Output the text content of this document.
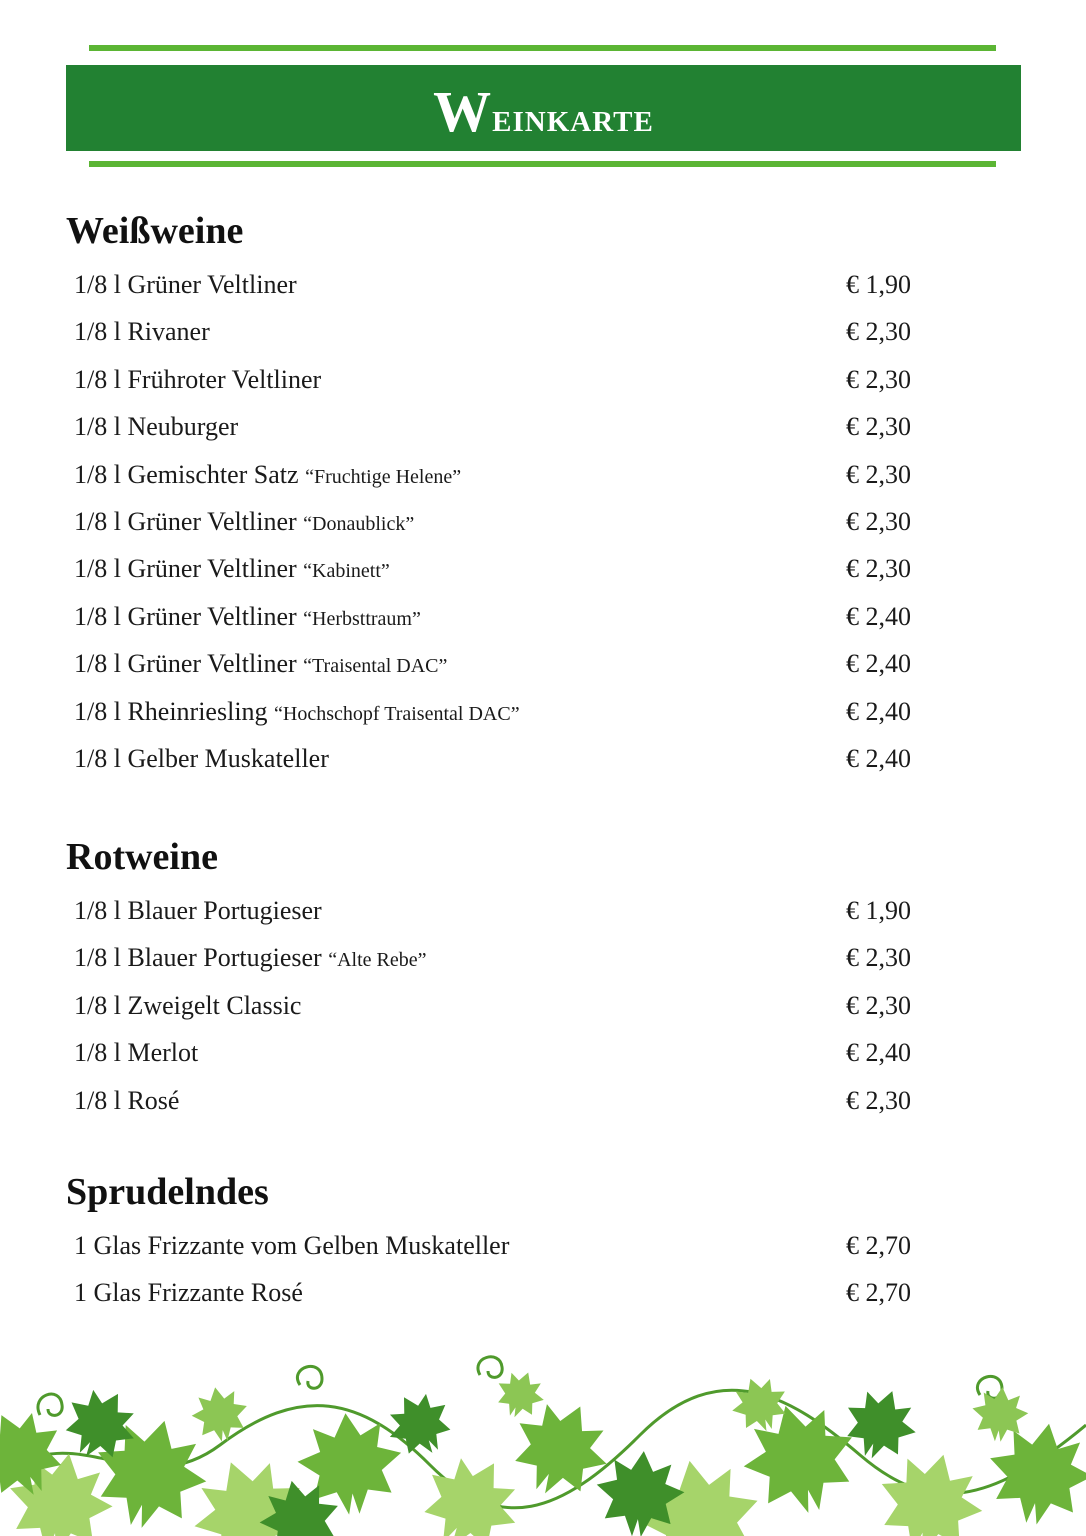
Weinkarte
Weißweine
1/8 l Grüner Veltliner	€ 1,90
1/8 l Rivaner	€ 2,30
1/8 l Frühroter Veltliner	€ 2,30
1/8 l Neuburger	€ 2,30
1/8 l Gemischter Satz “Fruchtige Helene”	€ 2,30
1/8 l Grüner Veltliner “Donaublick”	€ 2,30
1/8 l Grüner Veltliner “Kabinett”	€ 2,30
1/8 l Grüner Veltliner “Herbsttraum”	€ 2,40
1/8 l Grüner Veltliner “Traisental DAC”	€ 2,40
1/8 l Rheinriesling “Hochschopf Traisental DAC”	€ 2,40
1/8 l Gelber Muskateller	€ 2,40
Rotweine
1/8 l Blauer Portugieser	€ 1,90
1/8 l Blauer Portugieser “Alte Rebe”	€ 2,30
1/8 l Zweigelt Classic	€ 2,30
1/8 l Merlot	€ 2,40
1/8 l Rosé	€ 2,30
Sprudelndes
1 Glas Frizzante vom Gelben Muskateller	€ 2,70
1 Glas Frizzante Rosé	€ 2,70
